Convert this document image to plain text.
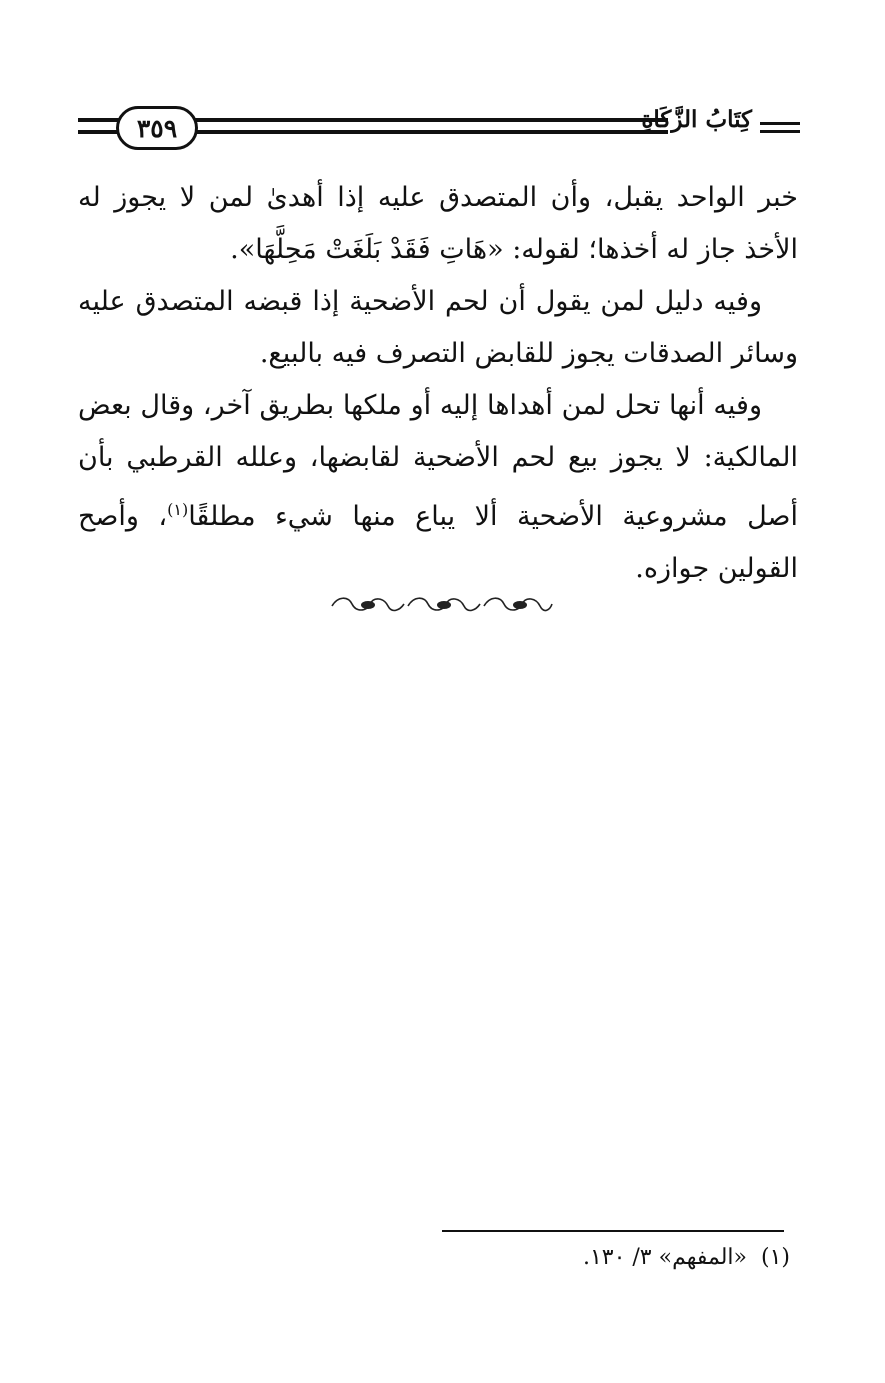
٣٥٩	كِتَابُ الزَّكَاةِ

خبر الواحد يقبل، وأن المتصدق عليه إذا أهدىٰ لمن لا يجوز له الأخذ جاز له أخذها؛ لقوله: «هَاتِ فَقَدْ بَلَغَتْ مَحِلَّهَا».

وفيه دليل لمن يقول أن لحم الأضحية إذا قبضه المتصدق عليه وسائر الصدقات يجوز للقابض التصرف فيه بالبيع.

وفيه أنها تحل لمن أهداها إليه أو ملكها بطريق آخر، وقال بعض المالكية: لا يجوز بيع لحم الأضحية لقابضها، وعلله القرطبي بأن أصل مشروعية الأضحية ألا يباع منها شيء مطلقًا$^{(١)}$، وأصح القولين جوازه.

(١)«المفهم» ٣/ ١٣٠.
